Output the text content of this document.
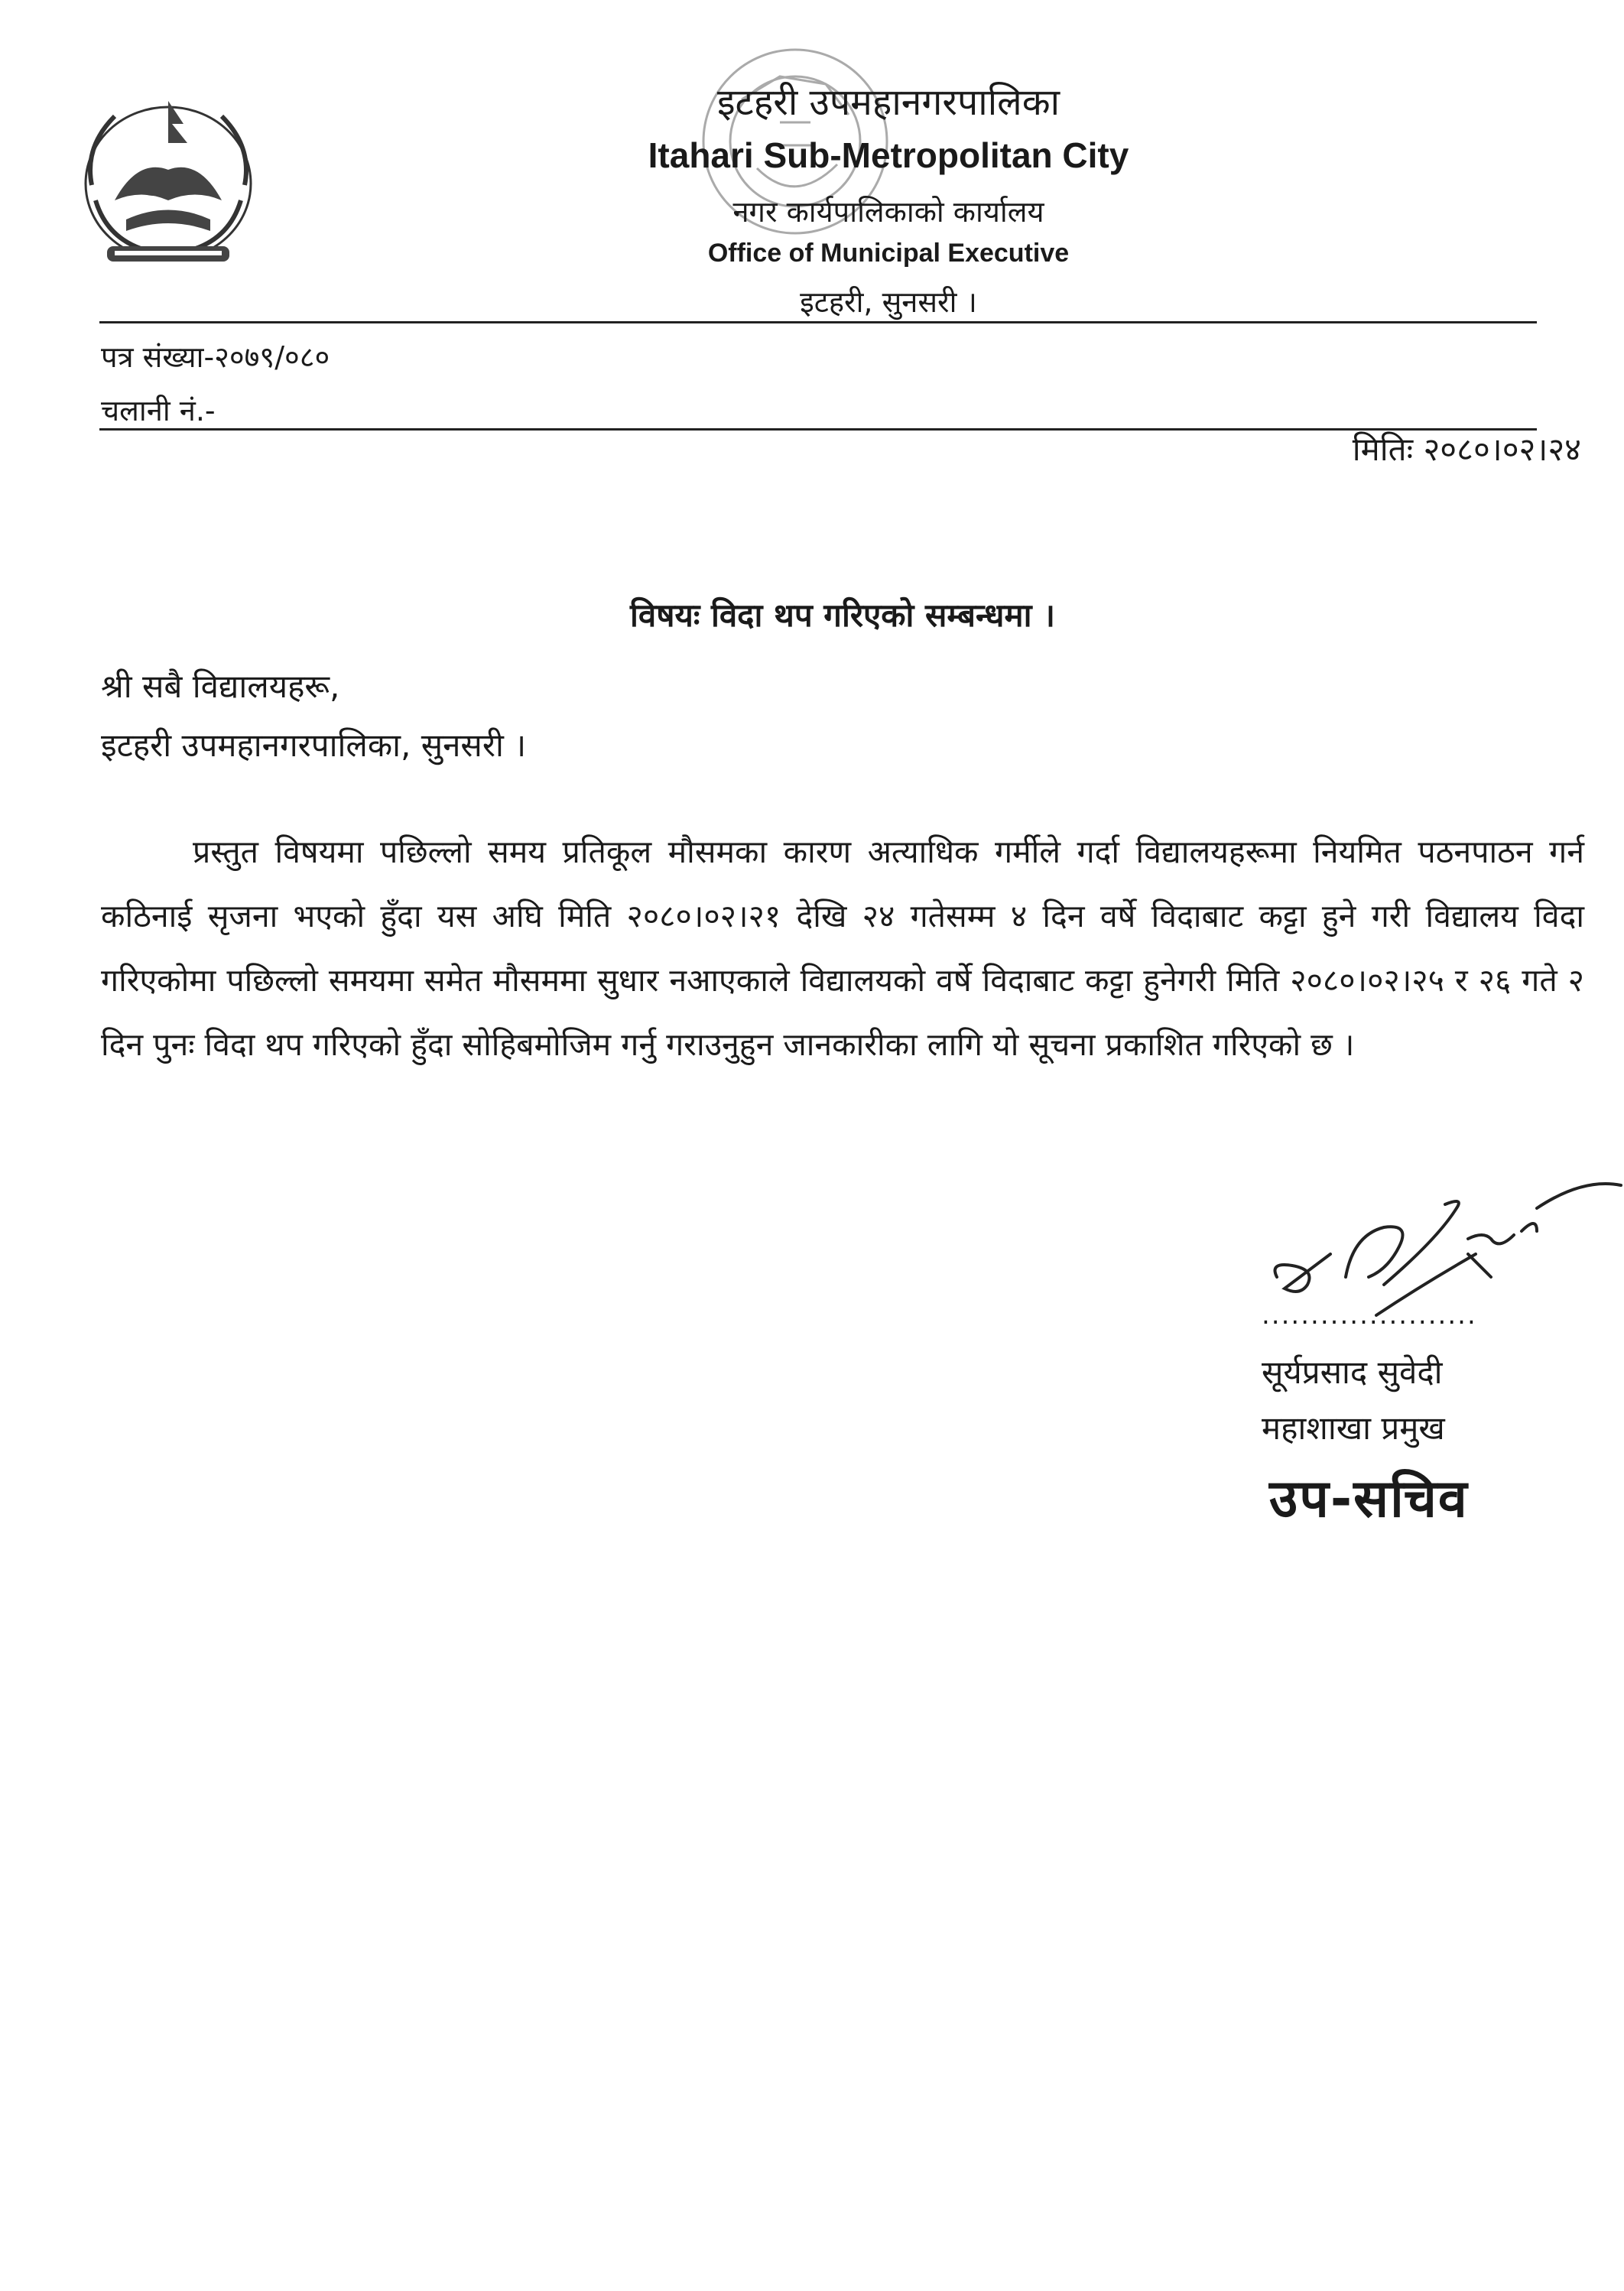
इटहरी उपमहानगरपालिका
Itahari Sub-Metropolitan City
नगर कार्यपालिकाको कार्यालय
Office of Municipal Executive
इटहरी, सुनसरी ।
पत्र संख्या-२०७९/०८०
चलानी नं.-
मितिः २०८०।०२।२४
विषयः विदा थप गरिएको सम्बन्धमा ।
श्री सबै विद्यालयहरू,
इटहरी उपमहानगरपालिका, सुनसरी ।
प्रस्तुत विषयमा पछिल्लो समय प्रतिकूल मौसमका कारण अत्याधिक गर्मीले गर्दा विद्यालयहरूमा नियमित पठनपाठन गर्न कठिनाई सृजना भएको हुँदा यस अघि मिति २०८०।०२।२१ देखि २४ गतेसम्म ४ दिन वर्षे विदाबाट कट्टा हुने गरी विद्यालय विदा गरिएकोमा पछिल्लो समयमा समेत मौसममा सुधार नआएकाले विद्यालयको वर्षे विदाबाट कट्टा हुनेगरी मिति २०८०।०२।२५ र २६ गते २ दिन पुनः विदा थप गरिएको हुँदा सोहिबमोजिम गर्नु गराउनुहुन जानकारीका लागि यो सूचना प्रकाशित गरिएको छ ।
......................
सूर्यप्रसाद सुवेदी
महाशाखा प्रमुख
उप-सचिव
